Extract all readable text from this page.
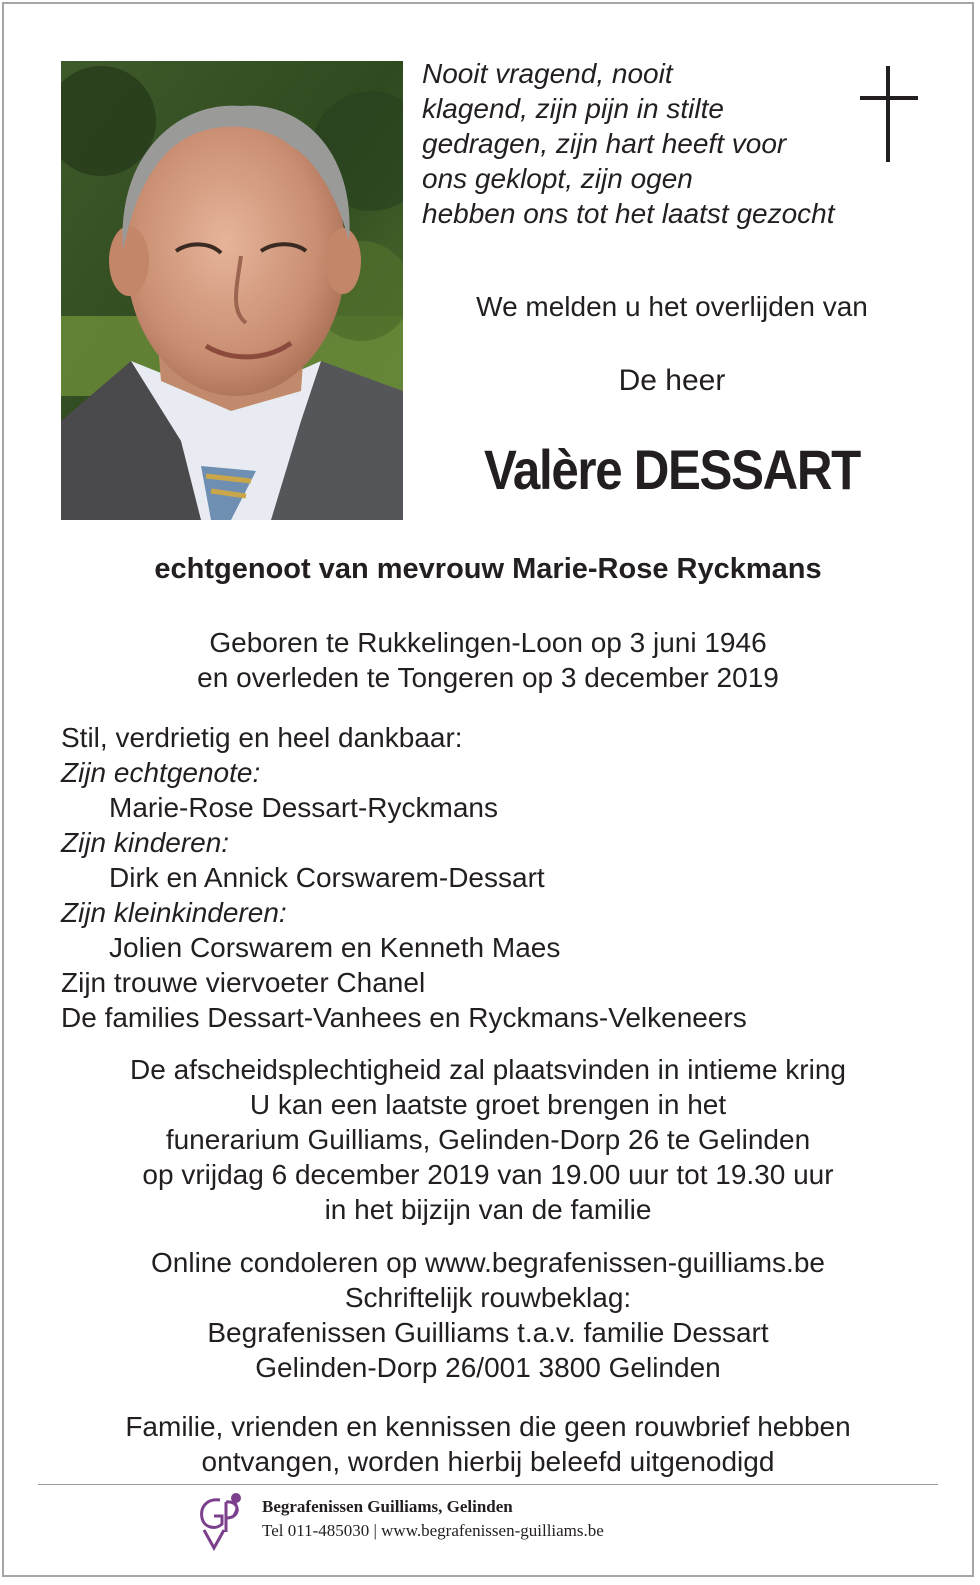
Nooit vragend, nooit
klagend, zijn pijn in stilte
gedragen, zijn hart heeft voor
ons geklopt, zijn ogen
hebben ons tot het laatst gezocht
We melden u het overlijden van
De heer
Valère DESSART
echtgenoot van mevrouw Marie-Rose Ryckmans
Geboren te Rukkelingen-Loon op 3 juni 1946
en overleden te Tongeren op 3 december 2019
Stil, verdrietig en heel dankbaar:
Zijn echtgenote:
Marie-Rose Dessart-Ryckmans
Zijn kinderen:
Dirk en Annick Corswarem-Dessart
Zijn kleinkinderen:
Jolien Corswarem en Kenneth Maes
Zijn trouwe viervoeter Chanel
De families Dessart-Vanhees en Ryckmans-Velkeneers
De afscheidsplechtigheid zal plaatsvinden in intieme kring
U kan een laatste groet brengen in het
funerarium Guilliams, Gelinden-Dorp 26 te Gelinden
op vrijdag 6 december 2019 van 19.00 uur tot 19.30 uur
in het bijzijn van de familie
Online condoleren op www.begrafenissen-guilliams.be
Schriftelijk rouwbeklag:
Begrafenissen Guilliams t.a.v. familie Dessart
Gelinden-Dorp 26/001 3800 Gelinden
Familie, vrienden en kennissen die geen rouwbrief hebben
ontvangen, worden hierbij beleefd uitgenodigd
Begrafenissen Guilliams, Gelinden
Tel 011-485030 | www.begrafenissen-guilliams.be
